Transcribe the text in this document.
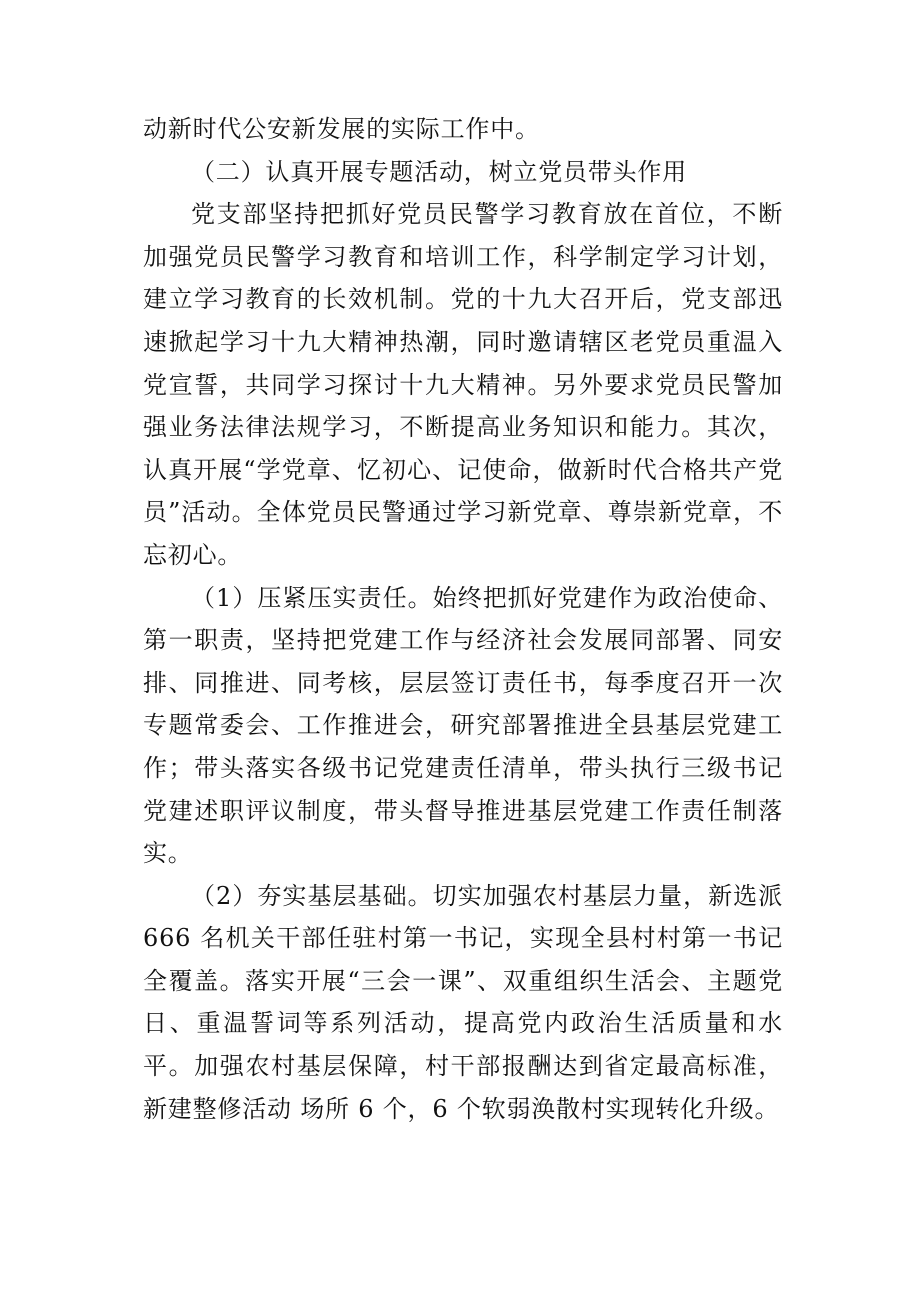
动新时代公安新发展的实际工作中。

（二）认真开展专题活动，树立党员带头作用

党支部坚持把抓好党员民警学习教育放在首位，不断加强党员民警学习教育和培训工作，科学制定学习计划，建立学习教育的长效机制。党的十九大召开后，党支部迅速掀起学习十九大精神热潮，同时邀请辖区老党员重温入党宣誓，共同学习探讨十九大精神。另外要求党员民警加强业务法律法规学习，不断提高业务知识和能力。其次，认真开展“学党章、忆初心、记使命，做新时代合格共产党员”活动。全体党员民警通过学习新党章、尊崇新党章，不忘初心。

（1）压紧压实责任。始终把抓好党建作为政治使命、第一职责，坚持把党建工作与经济社会发展同部署、同安排、同推进、同考核，层层签订责任书，每季度召开一次专题常委会、工作推进会，研究部署推进全县基层党建工作；带头落实各级书记党建责任清单，带头执行三级书记党建述职评议制度，带头督导推进基层党建工作责任制落实。

（2）夯实基层基础。切实加强农村基层力量，新选派 666 名机关干部任驻村第一书记，实现全县村村第一书记全覆盖。落实开展“三会一课”、双重组织生活会、主题党日、重温誓词等系列活动，提高党内政治生活质量和水平。加强农村基层保障，村干部报酬达到省定最高标准，新建整修活动 场所 6 个，6 个软弱涣散村实现转化升级。
